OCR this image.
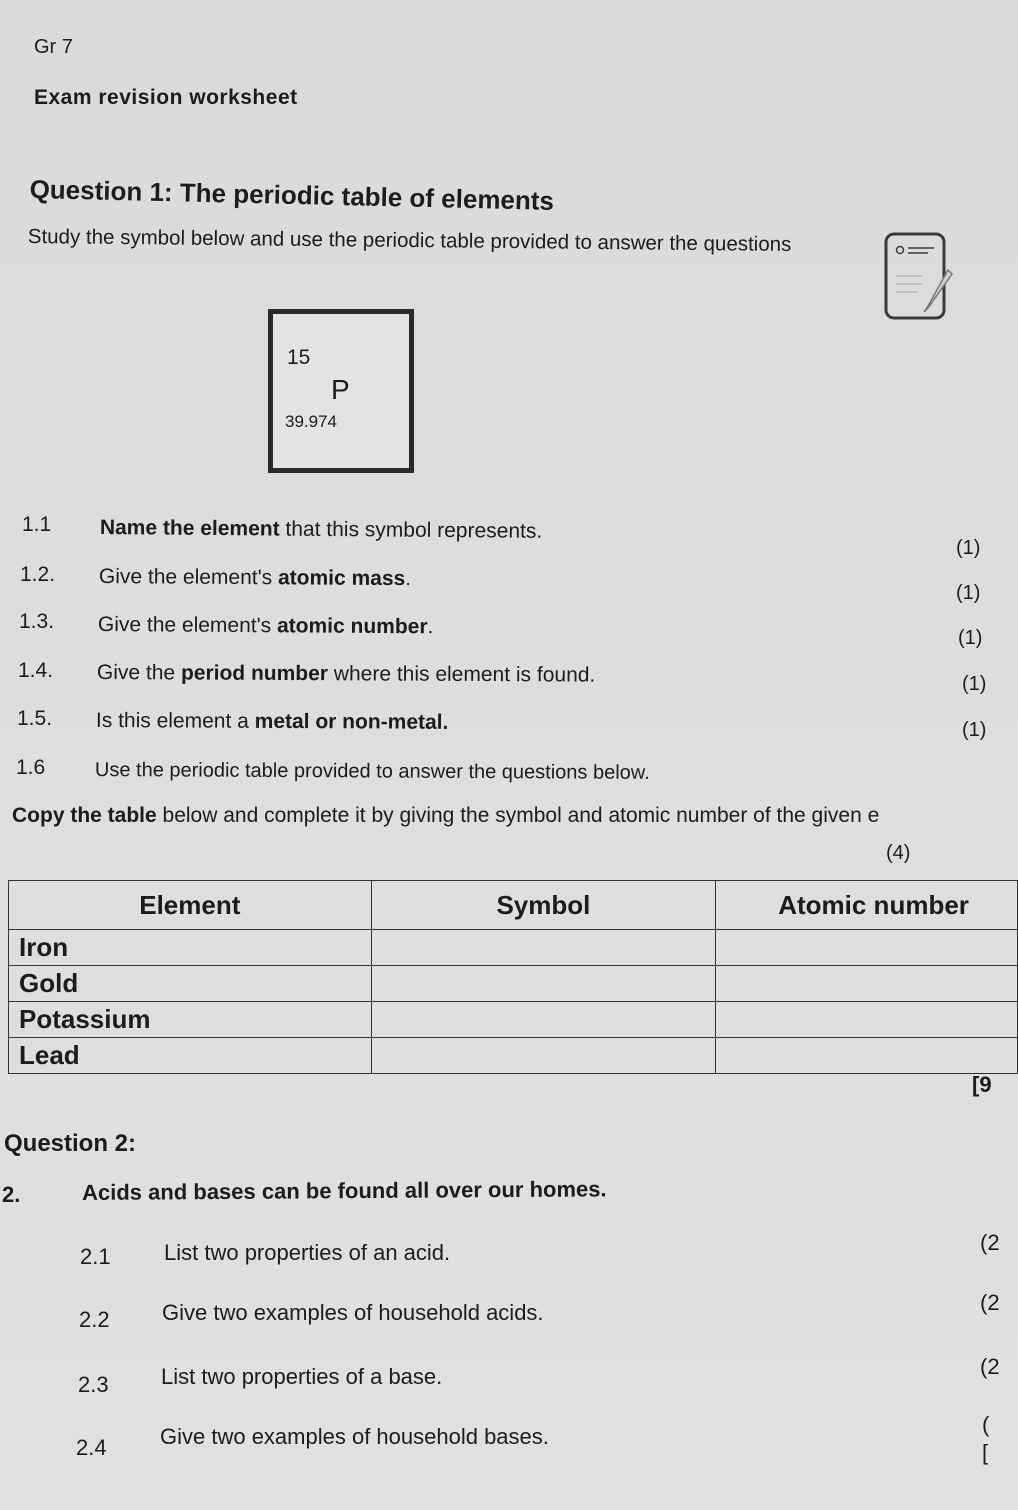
Gr 7
Exam revision worksheet
Question 1: The periodic table of elements
Study the symbol below and use the periodic table provided to answer the questions
15
P
39.974
1.1 Name the element that this symbol represents.
(1)
1.2. Give the element's atomic mass.
(1)
1.3. Give the element's atomic number.	(1)
1.4. Give the period number where this element is found.	(1)
1.5. Is this element a metal or non-metal.	(1)
1.6 Use the periodic table provided to answer the questions below.
Copy the table below and complete it by giving the symbol and atomic number of the given e
(4)
Element	Symbol	Atomic number
Iron		
Gold		
Potassium		
Lead		
[9
Question 2:
2.	Acids and bases can be found all over our homes.
2.1 List two properties of an acid.	(2
2.2 Give two examples of household acids.	(2
2.3 List two properties of a base.	(2
2.4 Give two examples of household bases.	(
[
